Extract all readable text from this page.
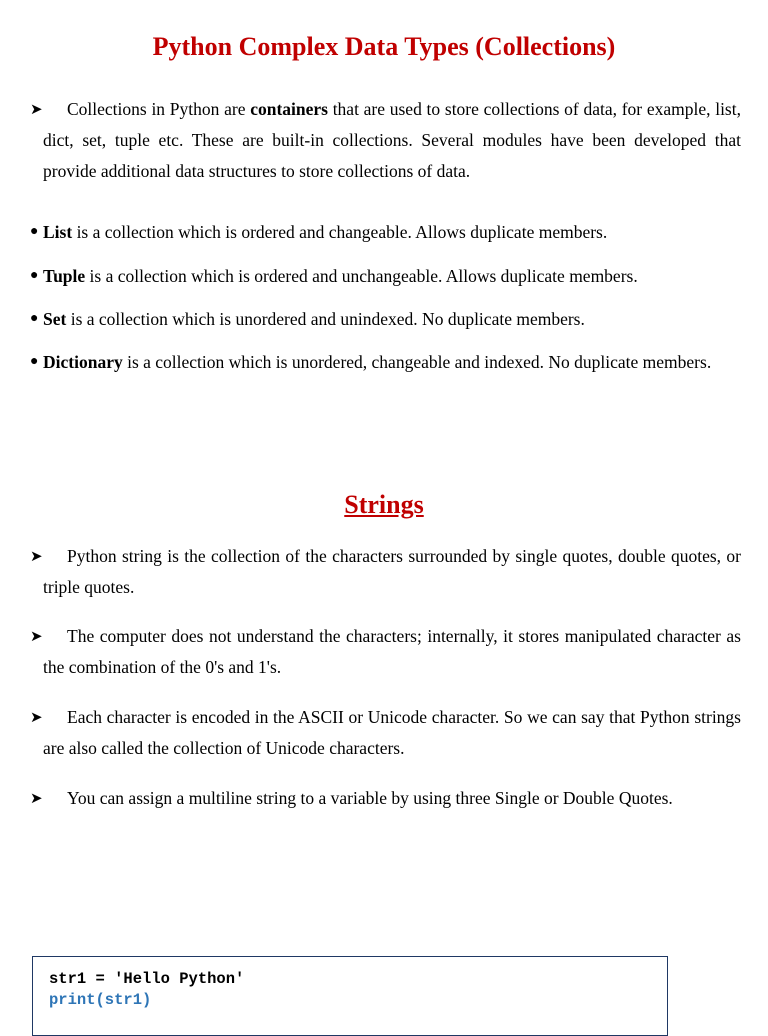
Python Complex Data Types (Collections)
➤	Collections in Python are containers that are used to store collections of data, for example, list, dict, set, tuple etc. These are built-in collections. Several modules have been developed that provide additional data structures to store collections of data.
● List is a collection which is ordered and changeable. Allows duplicate members.
● Tuple is a collection which is ordered and unchangeable. Allows duplicate members.
● Set is a collection which is unordered and unindexed. No duplicate members.
● Dictionary is a collection which is unordered, changeable and indexed. No duplicate members.
Strings
➤	Python string is the collection of the characters surrounded by single quotes, double quotes, or triple quotes.
➤	The computer does not understand the characters; internally, it stores manipulated character as the combination of the 0's and 1's.
➤	Each character is encoded in the ASCII or Unicode character. So we can say that Python strings are also called the collection of Unicode characters.
➤	You can assign a multiline string to a variable by using three Single or Double Quotes.
str1 = 'Hello Python'
print(str1)
